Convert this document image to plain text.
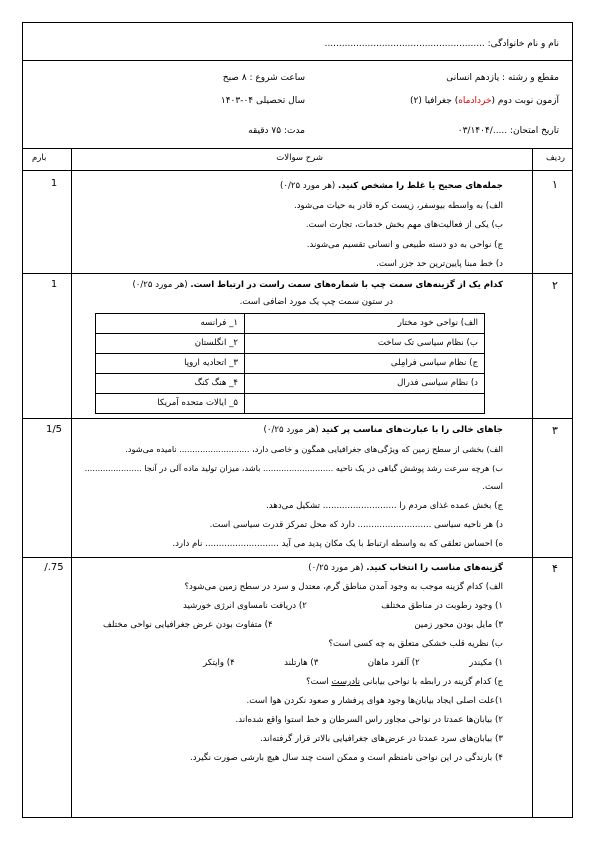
نام و نام خانوادگی: ........................................................
مقطع و رشته : یازدهم انسانی
ساعت شروع : ۸ صبح
آزمون نوبت دوم (خردادماه) جغرافیا (۲)
سال تحصیلی ۰۴-۱۴۰۳
تاریخ امتحان: ...../۰۳/۱۴۰۴
مدت: ۷۵ دقیقه
ردیف
شرح سوالات
بارم
۱
1	جمله‌های صحیح یا غلط را مشخص کنید. (هر مورد ۰/۲۵)
الف) به واسطه بیوسفر، زیست کره قادر به حیات می‌شود.
ب) یکی از فعالیت‌های مهم بخش خدمات، تجارت است.
ج) نواحی به دو دسته طبیعی و انسانی تقسیم می‌شوند.
د) خط مبنا پایین‌ترین حد جزر است.
۲
1	کدام یک از گزینه‌های سمت چپ با شماره‌های سمت راست در ارتباط است. (هر مورد ۰/۲۵)
در ستون سمت چپ یک مورد اضافی است.
الف) نواحی خود مختار	۱_ فرانسه
ب) نظام سیاسی تک ساخت	۲_ انگلستان
ج) نظام سیاسی فرامِلی	۳_ اتحادیه اروپا
د) نظام سیاسی فدرال	۴_ هنگ کنگ
	۵_ ایالات متحده آمریکا
۳
1/5	جاهای خالی را با عبارت‌های مناسب پر کنید (هر مورد ۰/۲۵)
الف) بخشی از سطح زمین که ویژگی‌های جغرافیایی همگون و خاصی دارد، ........................... نامیده می‌شود.
ب) هرچه سرعت رشد پوشش گیاهی در یک ناحیه ........................... باشد، میزان تولید ماده آلی در آنجا ......................
است.
ج) بخش عمده غذای مردم را ........................... تشکیل می‌دهد.
د) هر ناحیه سیاسی ........................... دارد که محل تمرکز قدرت سیاسی است.
ه) احساس تعلقی که به واسطه ارتباط با یک مکان پدید می آید ........................... نام دارد.
۴
/.75	گزینه‌های مناسب را انتخاب کنید. (هر مورد ۰/۲۵)
الف) کدام گزینه موجب به وجود آمدن مناطق گرم، معتدل و سرد در سطح زمین می‌شود؟
۱) وجود رطوبت در مناطق مختلف
۲) دریافت نامساوی انرژی خورشید
۳) مایل بودن محور زمین
۴) متفاوت بودن عرض جغرافیایی نواحی مختلف
ب) نظریه قلب خشکی متعلق به چه کسی است؟
۱) مکیندر
۲) آلفرد ماهان
۳) هارتلند
۴) وایتکر
ج) کدام گزینه در رابطه با نواحی بیابانی نادرست است؟
۱)علت اصلی ایجاد بیابان‌ها وجود هوای پرفشار و صعود نکردن هوا است.
۲) بیابان‌ها عمدتا در نواحی مجاور راس السرطان و خط استوا واقع شده‌اند.
۳) بیابان‌های سرد عمدتا در عرض‌های جغرافیایی بالاتر قرار گرفته‌اند.
۴) بارندگی در این نواحی نامنظم است و ممکن است چند سال هیچ بارشی صورت نگیرد.
